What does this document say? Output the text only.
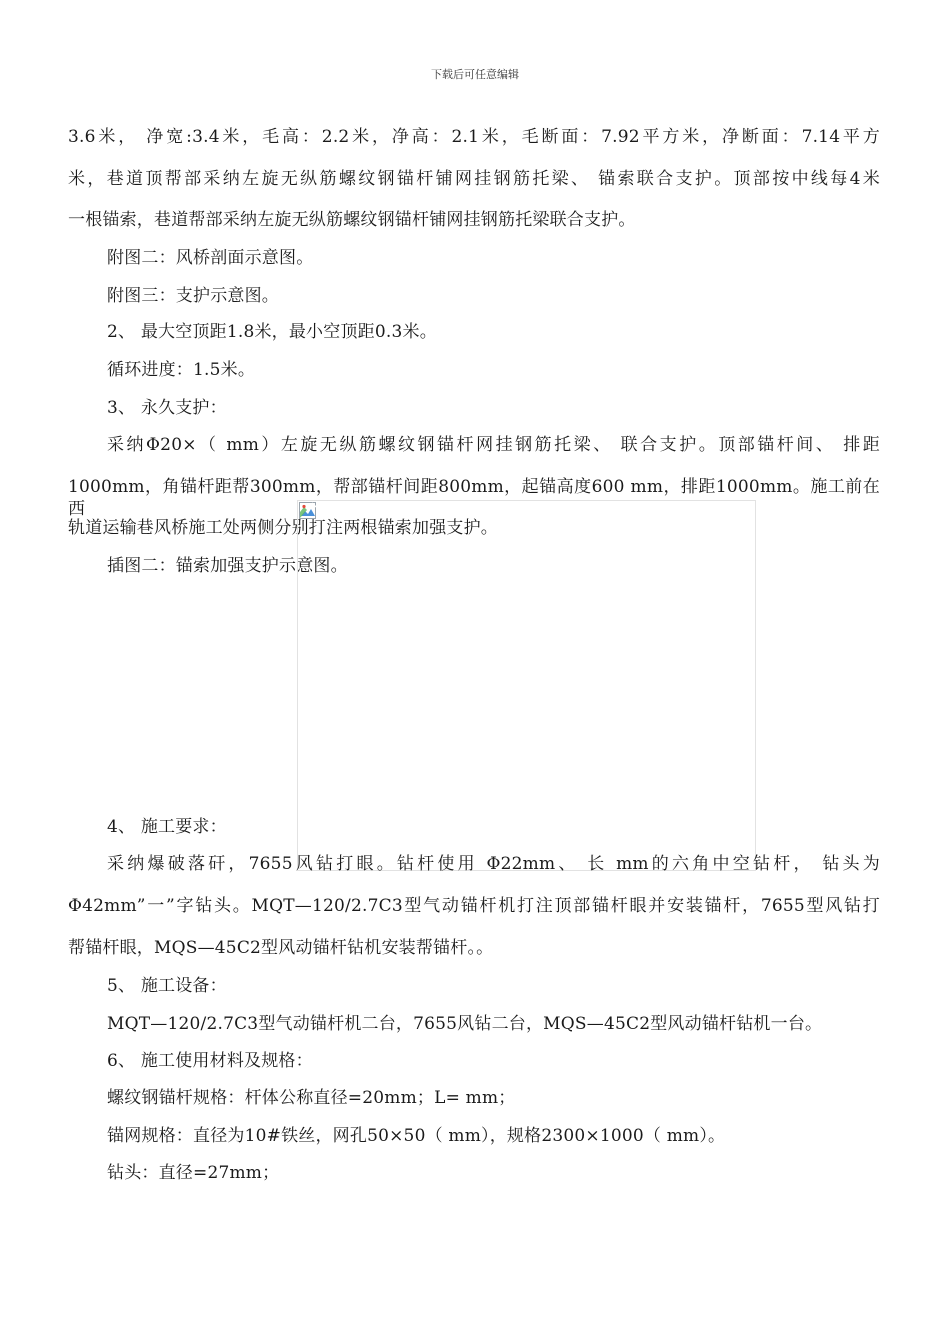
下载后可任意编辑
3.6米， 净宽:3.4米，毛高：2.2米，净高：2.1米，毛断面：7.92平方米，净断面：7.14平方
米，巷道顶帮部采纳左旋无纵筋螺纹钢锚杆铺网挂钢筋托梁、 锚索联合支护。顶部按中线每4米
一根锚索，巷道帮部采纳左旋无纵筋螺纹钢锚杆铺网挂钢筋托梁联合支护。
附图二：风桥剖面示意图。
附图三：支护示意图。
2、 最大空顶距1.8米，最小空顶距0.3米。
循环进度：1.5米。
3、 永久支护：
采纳Φ20×（ mm）左旋无纵筋螺纹钢锚杆网挂钢筋托梁、 联合支护。顶部锚杆间、 排距
1000mm，角锚杆距帮300mm，帮部锚杆间距800mm，起锚高度600 mm，排距1000mm。施工前在西
轨道运输巷风桥施工处两侧分别打注两根锚索加强支护。
插图二：锚索加强支护示意图。
4、 施工要求：
采纳爆破落矸，7655风钻打眼。钻杆使用 Φ22mm、 长 mm的六角中空钻杆， 钻头为
Φ42mm”一”字钻头。MQT—120/2.7C3型气动锚杆机打注顶部锚杆眼并安装锚杆，7655型风钻打
帮锚杆眼，MQS—45C2型风动锚杆钻机安装帮锚杆。。
5、 施工设备：
MQT—120/2.7C3型气动锚杆机二台，7655风钻二台，MQS—45C2型风动锚杆钻机一台。
6、 施工使用材料及规格：
螺纹钢锚杆规格：杆体公称直径=20mm；L= mm；
锚网规格：直径为10#铁丝，网孔50×50（ mm），规格2300×1000（ mm）。
钻头：直径=27mm；
